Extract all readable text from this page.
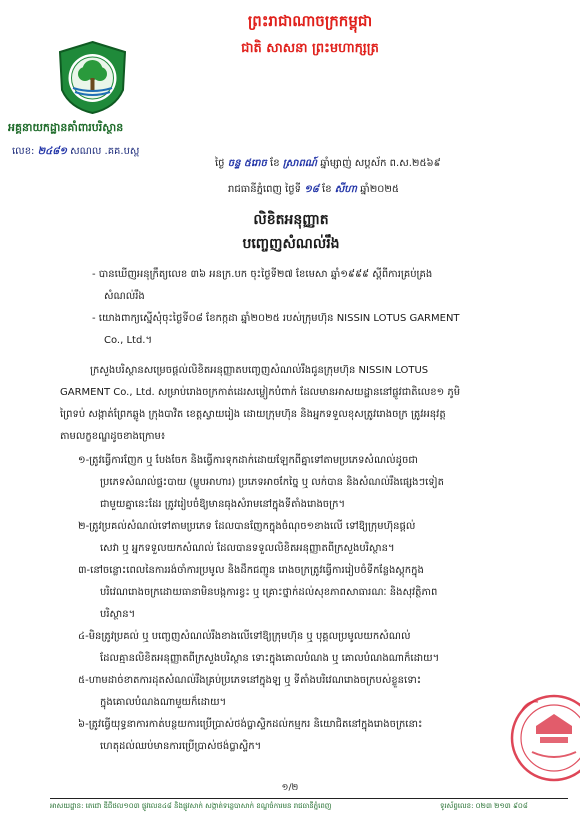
ព្រះរាជាណាចក្រកម្ពុជា
ជាតិ សាសនា ព្រះមហាក្សត្រ
អគ្គនាយកដ្ឋានគាំពារបរិស្ថាន
លេខ: ២៤៨១ សណល .គគ.បស្ព
ថ្ងៃ ចន្ទ ៥រោច ខែ ស្រាពណ៍ ឆ្នាំម្សាញ់ សប្តស័ក ព.ស.២៥៦៩
រាជធានីភ្នំពេញ ថ្ងៃទី ១៨ ខែ សីហា ឆ្នាំ២០២៥
លិខិតអនុញ្ញាត
បញ្ចេញសំណល់រឹង
- បានឃើញអនុក្រឹត្យលេខ ៣៦ អនក្រ.បក ចុះថ្ងៃទី២៧ ខែមេសា ឆ្នាំ១៩៩៩ ស្តីពីការគ្រប់គ្រង
សំណល់រឹង
- យោងពាក្យស្នើសុំចុះថ្ងៃទី០៨ ខែកក្កដា ឆ្នាំ២០២៥ របស់ក្រុមហ៊ុន NISSIN LOTUS GARMENT
Co., Ltd.។
ក្រសួងបរិស្ថានសម្រេចផ្តល់លិខិតអនុញ្ញាតបញ្ចេញសំណល់រឹងជូនក្រុមហ៊ុន NISSIN LOTUS
GARMENT Co., Ltd. សម្រាប់រោងចក្រកាត់ដេរសម្លៀកបំពាក់ ដែលមានអាសយដ្ឋាននៅផ្លូវជាតិលេខ១ ភូមិ
ព្រៃទប់ សង្កាត់ព្រែកឆ្លូង ក្រុងបាវិត ខេត្តស្វាយរៀង ដោយក្រុមហ៊ុន និងអ្នកទទួលខុសត្រូវរោងចក្រ ត្រូវអនុវត្ត
តាមលក្ខខណ្ឌដូចខាងក្រោម៖
១-ត្រូវធ្វើការញែក ឬ បែងចែក និងធ្វើការទុកដាក់ដោយឡែកពីគ្នាទៅតាមប្រភេទសំណល់ដូចជា
ប្រភេទសំណល់ផ្ទះបាយ (ម្ហូបអាហារ) ប្រភេទអាចកែច្នៃ ឬ លក់បាន និងសំណល់រឹងផ្សេងៗទៀត
ជាមួយគ្នានេះដែរ ត្រូវរៀបចំឱ្យមានធុងសំរាមនៅក្នុងទីតាំងរោងចក្រ។
២-ត្រូវប្រគល់សំណល់ទៅតាមប្រភេទ ដែលបានញែកក្នុងចំណុច១ខាងលើ ទៅឱ្យក្រុមហ៊ុនផ្តល់
សេវា ឬ អ្នកទទួលយកសំណល់ ដែលបានទទួលលិខិតអនុញ្ញាតពីក្រសួងបរិស្ថាន។
៣-នៅចន្លោះពេលនៃការរង់ចាំការប្រមូល និងដឹកជញ្ជូន រោងចក្រត្រូវធ្វើការរៀបចំទីកន្លែងស្តុកក្នុង
បរិវេណរោងចក្រដោយធានាមិនបង្កការខ្វះ ឬ គ្រោះថ្នាក់ដល់សុខភាពសាធារណៈ និងសុវត្ថិភាព
បរិស្ថាន។
៤-មិនត្រូវប្រគល់ ឬ បញ្ចេញសំណល់រឹងខាងលើទៅឱ្យក្រុមហ៊ុន ឬ បុគ្គលប្រមូលយកសំណល់
ដែលគ្មានលិខិតអនុញ្ញាតពីក្រសួងបរិស្ថាន ទោះក្នុងគោលបំណង ឬ គោលបំណងណាក៏ដោយ។
៥-ហាមដាច់ខាតការដុតសំណល់រឹងគ្រប់ប្រភេទនៅក្នុងឡ ឬ ទីតាំងបរិវេណរោងចក្របស់ខ្លួនទោះ
ក្នុងគោលបំណងណាមួយក៏ដោយ។
៦-ត្រូវធ្វើយុទ្ធនាការកាត់បន្ថយការប្រើប្រាស់ថង់ប្លាស្ទិកដល់កម្មករ និយោជិតនៅក្នុងរោងចក្រនោះ
ហេតុដល់ឈប់មានការប្រើប្រាស់ថង់ប្លាស្ទិក។
១/២
អាសយដ្ឋាន: តេជោ ឌីជីថល១០៣ ផ្លូវលេខ៤៨ និងផ្លូវសាក់ សង្កាត់ទន្លេបាសាក់ ខណ្ឌចំការមន រាជធានីភ្នំពេញ	ទូរស័ព្ទលេខ: ០២៣ ២១៣ ៩០៨
